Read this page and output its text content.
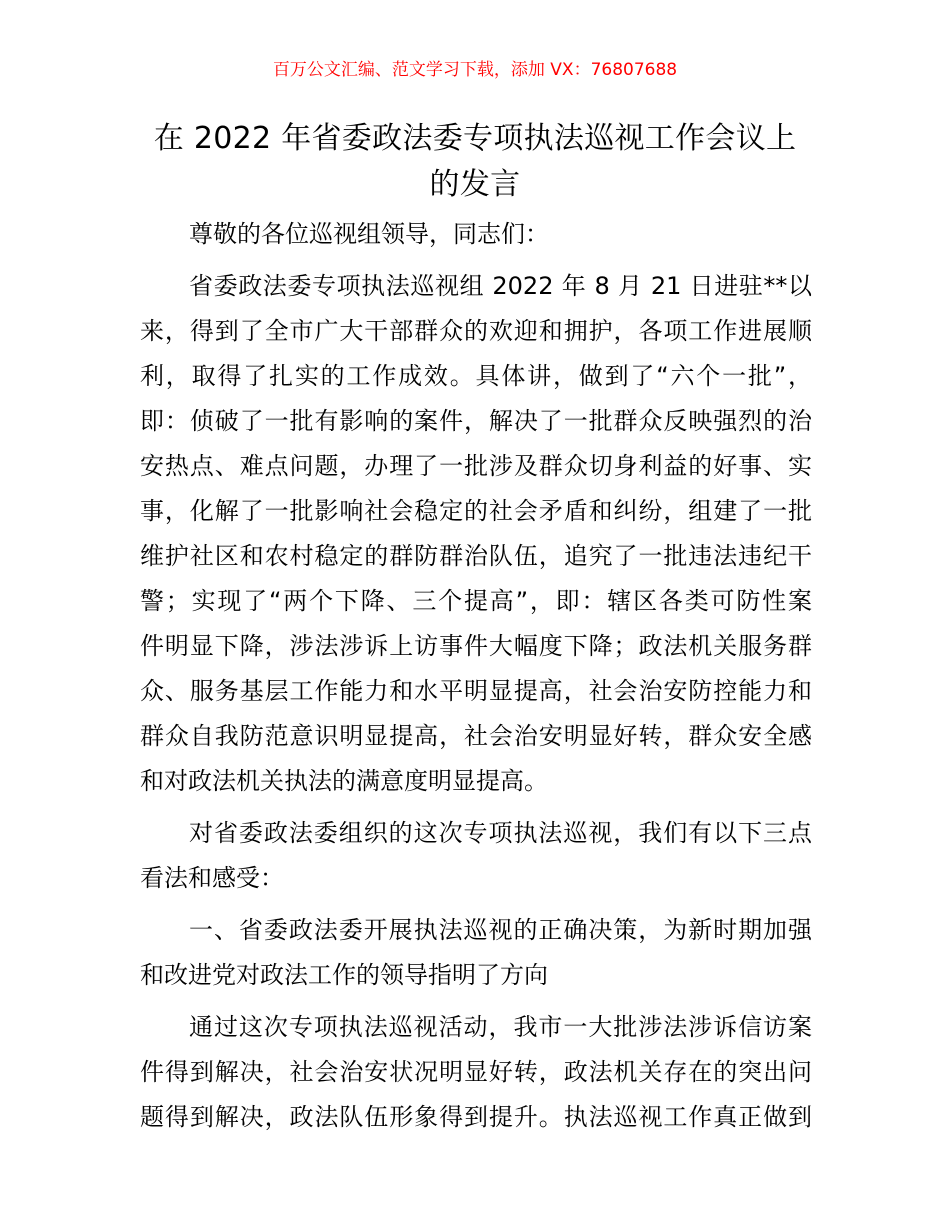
百万公文汇编、范文学习下载，添加 VX：76807688
在 2022 年省委政法委专项执法巡视工作会议上
的发言
尊敬的各位巡视组领导，同志们：
省委政法委专项执法巡视组 2022 年 8 月 21 日进驻**以
来，得到了全市广大干部群众的欢迎和拥护，各项工作进展顺
利，取得了扎实的工作成效。具体讲，做到了“六个一批”，
即：侦破了一批有影响的案件，解决了一批群众反映强烈的治
安热点、难点问题，办理了一批涉及群众切身利益的好事、实
事，化解了一批影响社会稳定的社会矛盾和纠纷，组建了一批
维护社区和农村稳定的群防群治队伍，追究了一批违法违纪干
警；实现了“两个下降、三个提高”，即：辖区各类可防性案
件明显下降，涉法涉诉上访事件大幅度下降；政法机关服务群
众、服务基层工作能力和水平明显提高，社会治安防控能力和
群众自我防范意识明显提高，社会治安明显好转，群众安全感
和对政法机关执法的满意度明显提高。
对省委政法委组织的这次专项执法巡视，我们有以下三点
看法和感受：
一、省委政法委开展执法巡视的正确决策，为新时期加强
和改进党对政法工作的领导指明了方向
通过这次专项执法巡视活动，我市一大批涉法涉诉信访案
件得到解决，社会治安状况明显好转，政法机关存在的突出问
题得到解决，政法队伍形象得到提升。执法巡视工作真正做到
